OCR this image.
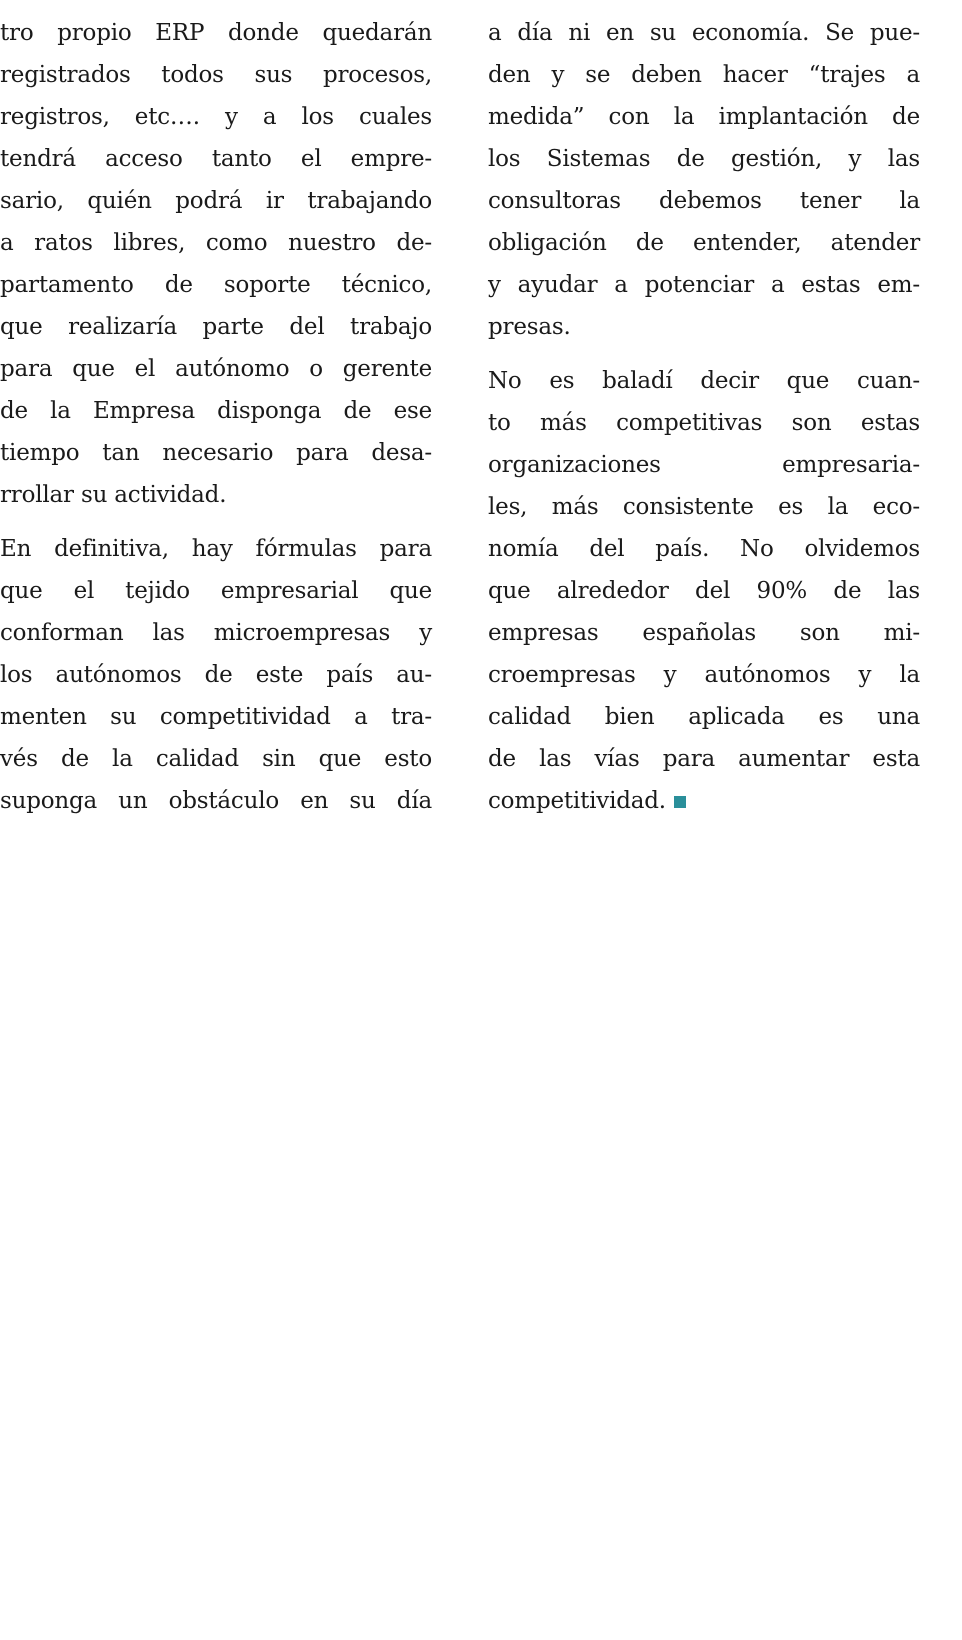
tro propio ERP donde quedarán
registrados todos sus procesos,
registros, etc…. y a los cuales
tendrá acceso tanto el empre-
sario, quién podrá ir trabajando
a ratos libres, como nuestro de-
partamento de soporte técnico,
que realizaría parte del trabajo
para que el autónomo o gerente
de la Empresa disponga de ese
tiempo tan necesario para desa-
rrollar su actividad.
En definitiva, hay fórmulas para
que el tejido empresarial que
conforman las microempresas y
los autónomos de este país au-
menten su competitividad a tra-
vés de la calidad sin que esto
suponga un obstáculo en su día
a día ni en su economía. Se pue-
den y se deben hacer “trajes a
medida” con la implantación de
los Sistemas de gestión, y las
consultoras debemos tener la
obligación de entender, atender
y ayudar a potenciar a estas em-
presas.
No es baladí decir que cuan-
to más competitivas son estas
organizaciones empresaria-
les, más consistente es la eco-
nomía del país. No olvidemos
que alrededor del 90% de las
empresas españolas son mi-
croempresas y autónomos y la
calidad bien aplicada es una
de las vías para aumentar esta
competitividad.
